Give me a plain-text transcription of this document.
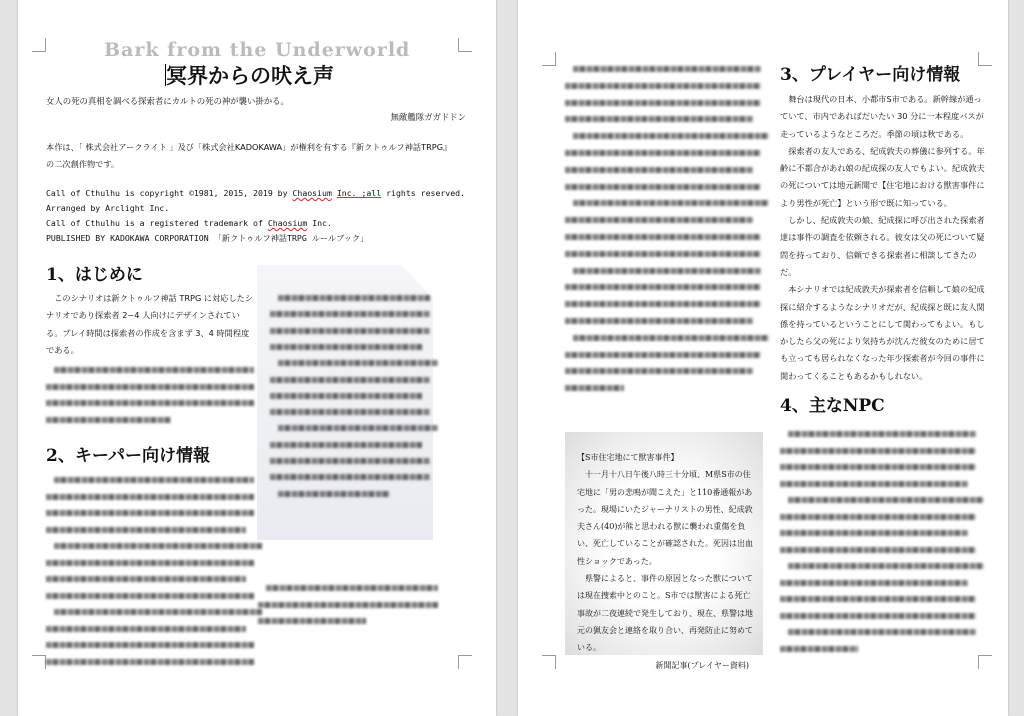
Bark from the Underworld
冥界からの吠え声
女人の死の真相を調べる探索者にカルトの死の神が襲い掛かる。
無敵艦隊ガガドドン
本作は、「 株式会社アークライト 」及び「株式会社KADOKAWA」が権利を有する『新クトゥルフ神話TRPG』の二次創作物です。
Call of Cthulhu is copyright ©1981, 2015, 2019 by Chaosium Inc. ;all rights reserved.
Arranged by Arclight Inc.
Call of Cthulhu is a registered trademark of Chaosium Inc.
PUBLISHED BY KADOKAWA CORPORATION 「新クトゥルフ神話TRPG ルールブック」
1、はじめに
このシナリオは新クトゥルフ神話 TRPG に対応したシナリオであり探索者 2~4 人向けにデザインされている。プレイ時間は探索者の作成を含まず 3、4 時間程度である。
2、キーパー向け情報	【S市住宅地にて獣害事件】

十一月十八日午後八時三十分頃、M県S市の住宅地に「男の悲鳴が聞こえた」と110番通報があった。現場にいたジャーナリストの男性、紀成敦夫さん(40)が熊と思われる獣に襲われ重傷を負い、死亡していることが確認された。死因は出血性ショックであった。

県警によると、事件の原因となった獣については現在捜索中とのこと。S市では獣害による死亡事故が二夜連続で発生しており、現在、県警は地元の猟友会と連絡を取り合い、再発防止に努めている。

新聞記事(プレイヤー資料)
3、プレイヤー向け情報
舞台は現代の日本、小都市S市である。新幹線が通っていて、市内であればだいたい 30 分に一本程度バスが走っているようなところだ。季節の頃は秋である。
探索者の友人である、紀成敦夫の葬儀に参列する。年齢に不都合があれ娘の紀成探の友人でもよい。紀成敦夫の死については地元新聞で【住宅地における獣害事件により男性が死亡】という形で既に知っている。
しかし、紀成敦夫の娘、紀成探に呼び出された探索者達は事件の調査を依頼される。彼女は父の死について疑問を持っており、信頼できる探索者に相談してきたのだ。
本シナリオでは紀成敦夫が探索者を信頼して娘の紀成探に紹介するようなシナリオだが、紀成探と既に友人関係を持っているということにして関わってもよい。もしかしたら父の死により気持ちが沈んだ彼女のために居ても立っても居られなくなった年少探索者が今回の事件に関わってくることもあるかもしれない。
4、主なNPC
